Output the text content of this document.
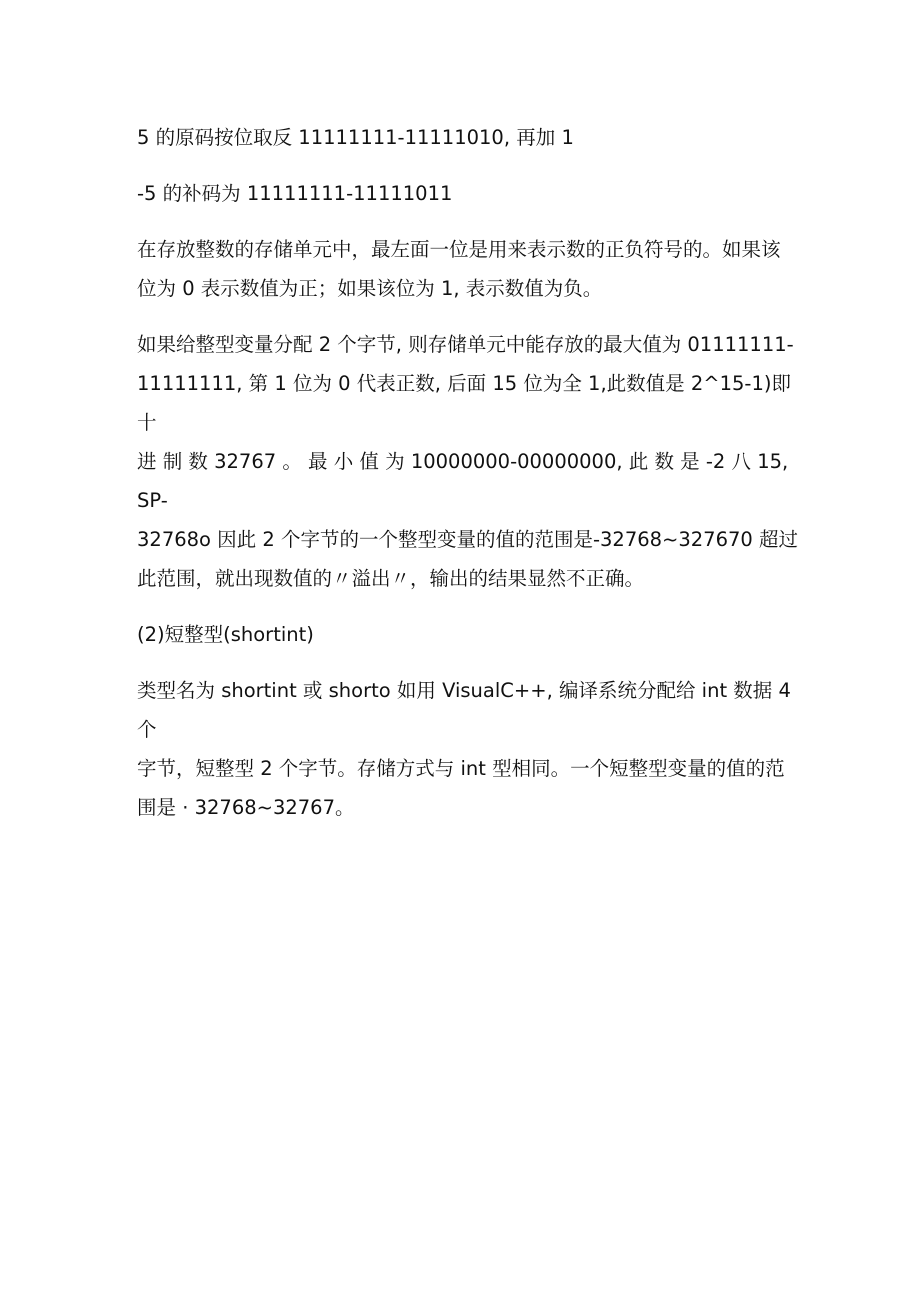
5 的原码按位取反 11111111-11111010, 再加 1

-5 的补码为 11111111-11111011

在存放整数的存储单元中，最左面一位是用来表示数的正负符号的。如果该
位为 0 表示数值为正；如果该位为 1, 表示数值为负。

如果给整型变量分配 2 个字节, 则存储单元中能存放的最大值为 01111111-
11111111, 第 1 位为 0 代表正数, 后面 15 位为全 1,此数值是 2^15-1)即十
进 制 数 32767 。 最 小 值 为 10000000-00000000, 此 数 是 -2 八 15,SP-
32768o 因此 2 个字节的一个整型变量的值的范围是-32768~327670 超过
此范围，就出现数值的〃溢出〃，输出的结果显然不正确。

(2)短整型(shortint)

类型名为 shortint 或 shorto 如用 VisualC++, 编译系统分配给 int 数据 4 个
字节，短整型 2 个字节。存储方式与 int 型相同。一个短整型变量的值的范
围是 · 32768~32767。
